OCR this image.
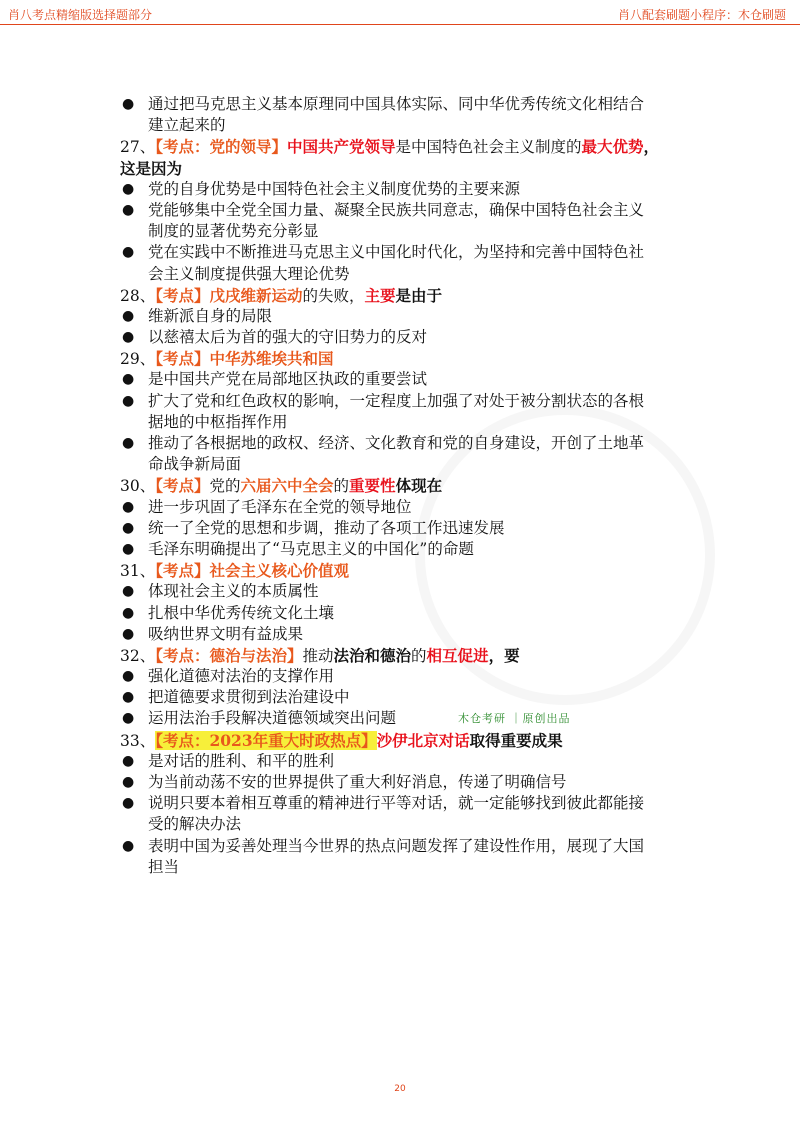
肖八考点精缩版选择题部分	肖八配套刷题小程序：木仓刷题
● 通过把马克思主义基本原理同中国具体实际、同中华优秀传统文化相结合
建立起来的
27、【考点：党的领导】中国共产党领导是中国特色社会主义制度的最大优势，
这是因为
● 党的自身优势是中国特色社会主义制度优势的主要来源
● 党能够集中全党全国力量、凝聚全民族共同意志，确保中国特色社会主义
制度的显著优势充分彰显
● 党在实践中不断推进马克思主义中国化时代化，为坚持和完善中国特色社
会主义制度提供强大理论优势
28、【考点】戊戌维新运动的失败，主要是由于
● 维新派自身的局限
● 以慈禧太后为首的强大的守旧势力的反对
29、【考点】中华苏维埃共和国
● 是中国共产党在局部地区执政的重要尝试
● 扩大了党和红色政权的影响，一定程度上加强了对处于被分割状态的各根
据地的中枢指挥作用
● 推动了各根据地的政权、经济、文化教育和党的自身建设，开创了土地革
命战争新局面
30、【考点】党的六届六中全会的重要性体现在
● 进一步巩固了毛泽东在全党的领导地位
● 统一了全党的思想和步调，推动了各项工作迅速发展
● 毛泽东明确提出了“马克思主义的中国化”的命题
31、【考点】社会主义核心价值观
● 体现社会主义的本质属性
● 扎根中华优秀传统文化土壤
● 吸纳世界文明有益成果
32、【考点：德治与法治】推动法治和德治的相互促进，要
● 强化道德对法治的支撑作用
● 把道德要求贯彻到法治建设中
● 运用法治手段解决道德领域突出问题
33、【考点：2023年重大时政热点】沙伊北京对话取得重要成果
● 是对话的胜利、和平的胜利
● 为当前动荡不安的世界提供了重大利好消息，传递了明确信号
● 说明只要本着相互尊重的精神进行平等对话，就一定能够找到彼此都能接
受的解决办法
● 表明中国为妥善处理当今世界的热点问题发挥了建设性作用，展现了大国
担当
木仓考研 ｜原创出品
20
